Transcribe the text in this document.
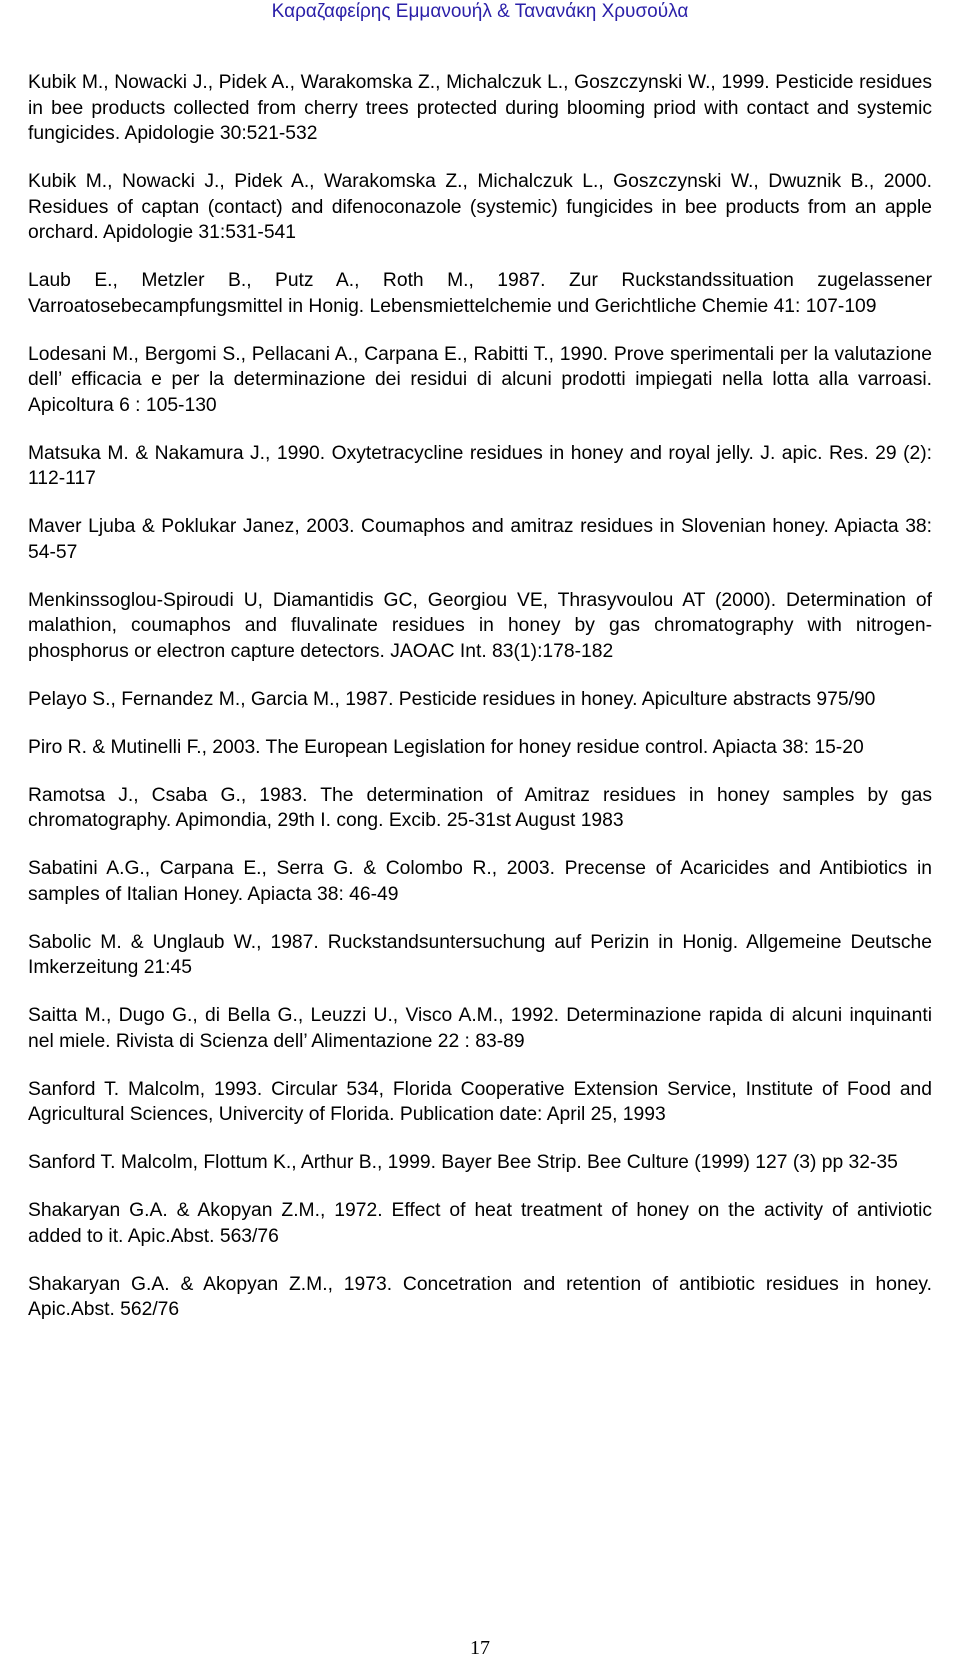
Καραζαφείρης Εμμανουήλ & Τανανάκη Χρυσούλα

Kubik M., Nowacki J., Pidek A., Warakomska Z., Michalczuk L., Goszczynski W., 1999. Pesticide residues in bee products collected from cherry trees protected during blooming priod with contact and systemic fungicides. Apidologie 30:521-532

Kubik M., Nowacki J., Pidek A., Warakomska Z., Michalczuk L., Goszczynski W., Dwuznik B., 2000. Residues of captan (contact) and difenoconazole (systemic) fungicides in bee products from an apple orchard. Apidologie 31:531-541

Laub E., Metzler B., Putz A., Roth M., 1987. Zur Ruckstandssituation zugelassener Varroatosebecampfungsmittel in Honig. Lebensmiettelchemie und Gerichtliche Chemie 41: 107-109

Lodesani M., Bergomi S., Pellacani A., Carpana E., Rabitti T., 1990. Prove sperimentali per la valutazione dell’ efficacia e per la determinazione dei residui di alcuni prodotti impiegati nella lotta alla varroasi. Apicoltura 6 : 105-130

Matsuka M. & Nakamura J., 1990. Oxytetracycline residues in honey and royal jelly. J. apic. Res. 29 (2): 112-117

Maver Ljuba & Poklukar Janez, 2003. Coumaphos and amitraz residues in Slovenian honey. Apiacta 38: 54-57

Menkinssoglou-Spiroudi U, Diamantidis GC, Georgiou VE, Thrasyvoulou AT (2000). Determination of malathion, coumaphos and fluvalinate residues in honey by gas chromatography with nitrogen-phosphorus or electron capture detectors. JAOAC Int. 83(1):178-182

Pelayo S., Fernandez M., Garcia M., 1987. Pesticide residues in honey. Apiculture abstracts 975/90

Piro R. & Mutinelli F., 2003. The European Legislation for honey residue control. Apiacta 38: 15-20

Ramotsa J., Csaba G., 1983. The determination of Amitraz residues in honey samples by gas chromatography. Apimondia, 29th I. cong. Excib. 25-31st August 1983

Sabatini A.G., Carpana E., Serra G. & Colombo R., 2003. Precense of Acaricides and Antibiotics in samples of Italian Honey. Apiacta 38: 46-49

Sabolic M. & Unglaub W., 1987. Ruckstandsuntersuchung auf Perizin in Honig. Allgemeine Deutsche Imkerzeitung 21:45

Saitta M., Dugo G., di Bella G., Leuzzi U., Visco A.M., 1992. Determinazione rapida di alcuni inquinanti nel miele. Rivista di Scienza dell’ Alimentazione 22 : 83-89

Sanford T. Malcolm, 1993. Circular 534, Florida Cooperative Extension Service, Institute of Food and Agricultural Sciences, Univercity of Florida. Publication date: April 25, 1993

Sanford T. Malcolm, Flottum K., Arthur B., 1999. Bayer Bee Strip. Bee Culture (1999) 127 (3) pp 32-35

Shakaryan G.A. & Akopyan Z.M., 1972. Effect of heat treatment of honey on the activity of antiviotic added to it. Apic.Abst. 563/76

Shakaryan G.A. & Akopyan Z.M., 1973. Concetration and retention of antibiotic residues in honey. Apic.Abst. 562/76

17
